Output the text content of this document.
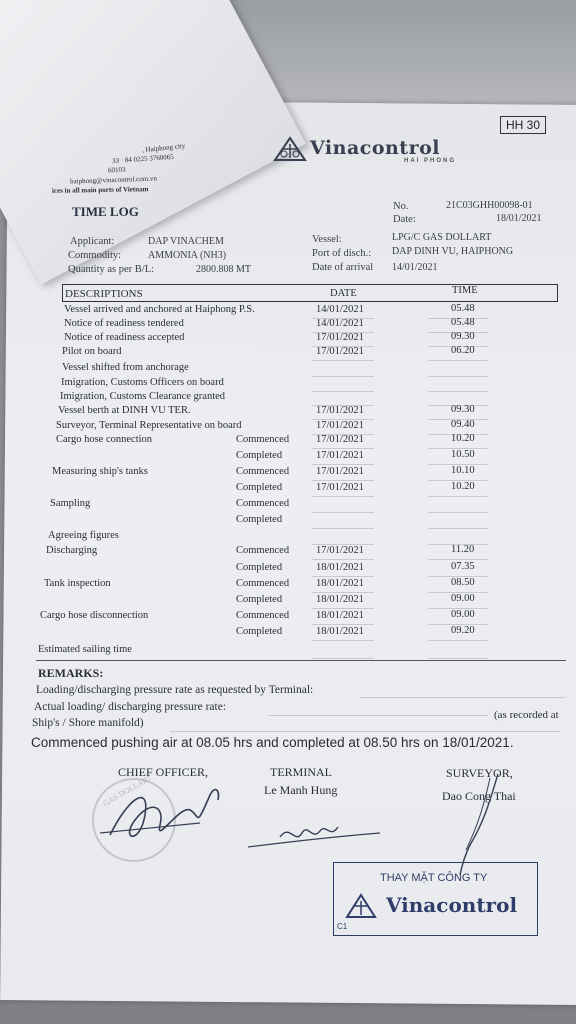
HH 30
Vinacontrol
HAI PHONG
, Haiphong city
33 · 84 0225 3760065
60103
haiphong@vinacontrol.com.vn
ices in all main ports of Vietnam
TIME LOG	No.	21C03GHH00098-01
Date:	18/01/2021
Applicant:	DAP VINACHEM
Commodity:	AMMONIA (NH3)
Quantity as per B/L:	2800.808 MT
Vessel:	LPG/C GAS DOLLART
Port of disch.: DAP DINH VU, HAIPHONG
Date of arrival 14/01/2021
DESCRIPTIONS	DATE	TIME
Vessel arrived and anchored at Haiphong P.S.	14/01/2021	05.48
Notice of readiness tendered	14/01/2021	05.48
Notice of readiness accepted	17/01/2021	09.30
Pilot on board	17/01/2021	06.20
Vessel shifted from anchorage
Imigration, Customs Officers on board
Imigration, Customs Clearance granted
Vessel berth at DINH VU TER.	17/01/2021	09.30
Surveyor, Terminal Representative on board	17/01/2021	09.40
Cargo hose connection	Commenced	17/01/2021	10.20
Completed	17/01/2021	10.50
Measuring ship's tanks	Commenced	17/01/2021	10.10
Completed	17/01/2021	10.20
Sampling	Commenced
Completed
Agreeing figures
Discharging	Commenced	17/01/2021	11.20
Completed	18/01/2021	07.35
Tank inspection	Commenced	18/01/2021	08.50
Completed	18/01/2021	09.00
Cargo hose disconnection	Commenced	18/01/2021	09.00
Completed	18/01/2021	09.20
Estimated sailing time
REMARKS:
Loading/discharging pressure rate as requested by Terminal:
Actual loading/ discharging pressure rate:
(as recorded at
Ship's / Shore manifold)
Commenced pushing air at 08.05 hrs and completed at 08.50 hrs on 18/01/2021.
CHIEF OFFICER,	TERMINAL
Le Manh Hung
SURVEYOR,
Dao Cong Thai
GAS DOLLART
THAY MẶT CÔNG TY
Vinacontrol
C1
